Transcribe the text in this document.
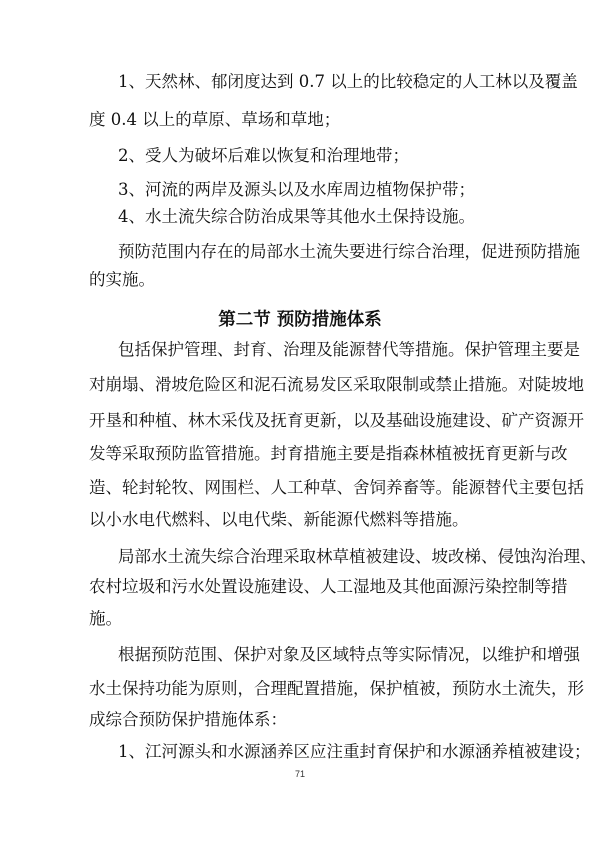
1、天然林、郁闭度达到 0.7 以上的比较稳定的人工林以及覆盖
度 0.4 以上的草原、草场和草地；
2、受人为破坏后难以恢复和治理地带；
3、河流的两岸及源头以及水库周边植物保护带；
4、水土流失综合防治成果等其他水土保持设施。
预防范围内存在的局部水土流失要进行综合治理，促进预防措施
的实施。
第二节 预防措施体系
包括保护管理、封育、治理及能源替代等措施。保护管理主要是
对崩塌、滑坡危险区和泥石流易发区采取限制或禁止措施。对陡坡地
开垦和种植、林木采伐及抚育更新，以及基础设施建设、矿产资源开
发等采取预防监管措施。封育措施主要是指森林植被抚育更新与改
造、轮封轮牧、网围栏、人工种草、舍饲养畜等。能源替代主要包括
以小水电代燃料、以电代柴、新能源代燃料等措施。
局部水土流失综合治理采取林草植被建设、坡改梯、侵蚀沟治理、
农村垃圾和污水处置设施建设、人工湿地及其他面源污染控制等措
施。
根据预防范围、保护对象及区域特点等实际情况，以维护和增强
水土保持功能为原则，合理配置措施，保护植被，预防水土流失，形
成综合预防保护措施体系：
1、江河源头和水源涵养区应注重封育保护和水源涵养植被建设；
71
